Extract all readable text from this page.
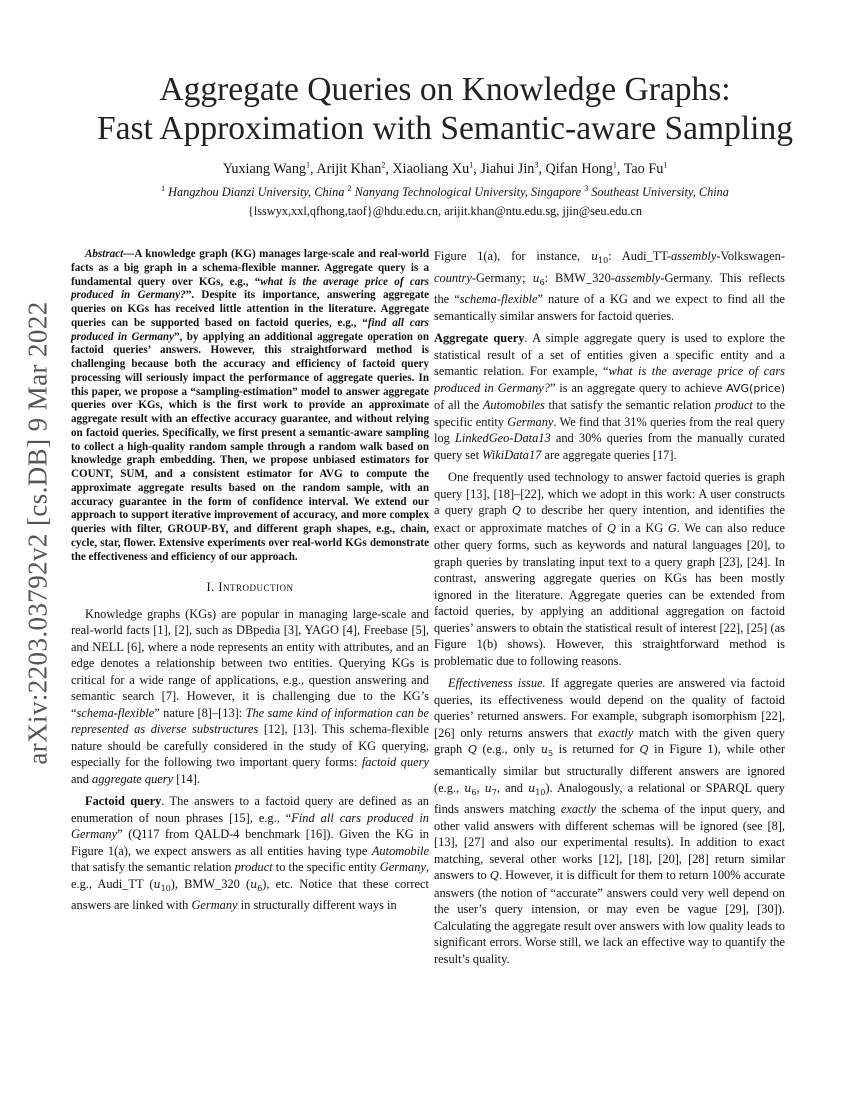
arXiv:2203.03792v2 [cs.DB] 9 Mar 2022
Aggregate Queries on Knowledge Graphs:
Fast Approximation with Semantic-aware Sampling
Yuxiang Wang$^1$, Arijit Khan$^2$, Xiaoliang Xu$^1$, Jiahui Jin$^3$, Qifan Hong$^1$, Tao Fu$^1$
$^1$ Hangzhou Dianzi University, China $^2$ Nanyang Technological University, Singapore $^3$ Southeast University, China
{lsswyx,xxl,qfhong,taof}@hdu.edu.cn, arijit.khan@ntu.edu.sg, jjin@seu.edu.cn

Abstract—A knowledge graph (KG) manages large-scale and real-world facts as a big graph in a schema-flexible manner. Aggregate query is a fundamental query over KGs, e.g., “what is the average price of cars produced in Germany?”. Despite its importance, answering aggregate queries on KGs has received little attention in the literature. Aggregate queries can be supported based on factoid queries, e.g., “find all cars produced in Germany”, by applying an additional aggregate operation on factoid queries’ answers. However, this straightforward method is challenging because both the accuracy and efficiency of factoid query processing will seriously impact the performance of aggregate queries. In this paper, we propose a “sampling-estimation” model to answer aggregate queries over KGs, which is the first work to provide an approximate aggregate result with an effective accuracy guarantee, and without relying on factoid queries. Specifically, we first present a semantic-aware sampling to collect a high-quality random sample through a random walk based on knowledge graph embedding. Then, we propose unbiased estimators for COUNT, SUM, and a consistent estimator for AVG to compute the approximate aggregate results based on the random sample, with an accuracy guarantee in the form of confidence interval. We extend our approach to support iterative improvement of accuracy, and more complex queries with filter, GROUP-BY, and different graph shapes, e.g., chain, cycle, star, flower. Extensive experiments over real-world KGs demonstrate the effectiveness and efficiency of our approach.

I. Introduction

Knowledge graphs (KGs) are popular in managing large-scale and real-world facts [1], [2], such as DBpedia [3], YAGO [4], Freebase [5], and NELL [6], where a node represents an entity with attributes, and an edge denotes a relationship between two entities. Querying KGs is critical for a wide range of applications, e.g., question answering and semantic search [7]. However, it is challenging due to the KG’s “schema-flexible” nature [8]–[13]: The same kind of information can be represented as diverse substructures [12], [13]. This schema-flexible nature should be carefully considered in the study of KG querying, especially for the following two important query forms: factoid query and aggregate query [14].

Factoid query. The answers to a factoid query are defined as an enumeration of noun phrases [15], e.g., “Find all cars produced in Germany” (Q117 from QALD-4 benchmark [16]). Given the KG in Figure 1(a), we expect answers as all entities having type Automobile that satisfy the semantic relation product to the specific entity Germany, e.g., Audi_TT $(u_{10})$, BMW_320 $(u_6)$, etc. Notice that these correct answers are linked with Germany in structurally different ways in

Figure 1(a), for instance, $u_{10}$: Audi_TT-assembly-Volkswagen-country-Germany; $u_6$: BMW_320-assembly-Germany. This reflects the “schema-flexible” nature of a KG and we expect to find all the semantically similar answers for factoid queries.

Aggregate query. A simple aggregate query is used to explore the statistical result of a set of entities given a specific entity and a semantic relation. For example, “what is the average price of cars produced in Germany?” is an aggregate query to achieve AVG(price) of all the Automobiles that satisfy the semantic relation product to the specific entity Germany. We find that 31% queries from the real query log LinkedGeo-Data13 and 30% queries from the manually curated query set WikiData17 are aggregate queries [17].

One frequently used technology to answer factoid queries is graph query [13], [18]–[22], which we adopt in this work: A user constructs a query graph Q to describe her query intention, and identifies the exact or approximate matches of Q in a KG G. We can also reduce other query forms, such as keywords and natural languages [20], to graph queries by translating input text to a query graph [23], [24]. In contrast, answering aggregate queries on KGs has been mostly ignored in the literature. Aggregate queries can be extended from factoid queries, by applying an additional aggregation on factoid queries’ answers to obtain the statistical result of interest [22], [25] (as Figure 1(b) shows). However, this straightforward method is problematic due to following reasons.

Effectiveness issue. If aggregate queries are answered via factoid queries, its effectiveness would depend on the quality of factoid queries’ returned answers. For example, subgraph isomorphism [22], [26] only returns answers that exactly match with the given query graph Q (e.g., only $u_5$ is returned for Q in Figure 1), while other semantically similar but structurally different answers are ignored (e.g., $u_6$, $u_7$, and $u_{10}$). Analogously, a relational or SPARQL query finds answers matching exactly the schema of the input query, and other valid answers with different schemas will be ignored (see [8], [13], [27] and also our experimental results). In addition to exact matching, several other works [12], [18], [20], [28] return similar answers to Q. However, it is difficult for them to return 100% accurate answers (the notion of “accurate” answers could very well depend on the user’s query intension, or may even be vague [29], [30]). Calculating the aggregate result over answers with low quality leads to significant errors. Worse still, we lack an effective way to quantify the result’s quality.
